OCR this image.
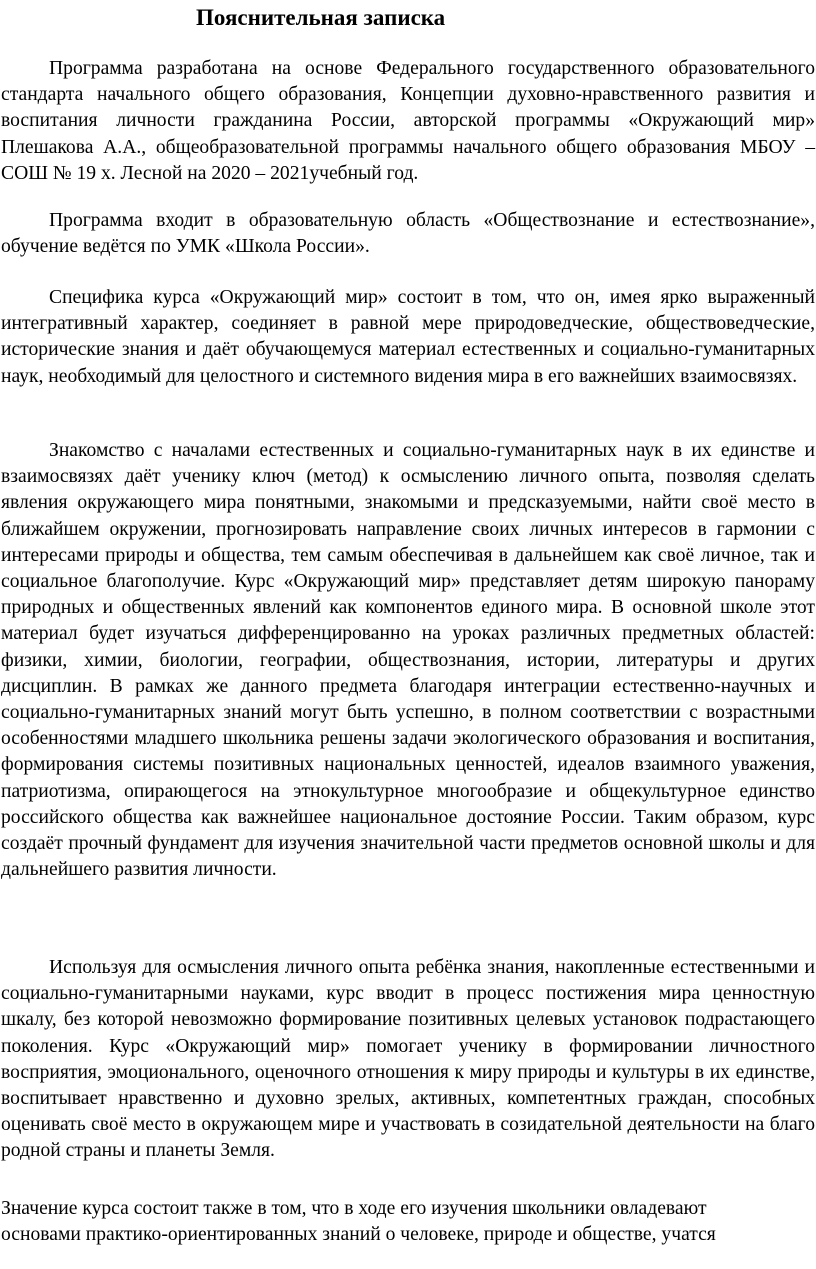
Пояснительная записка

Программа разработана на основе Федерального государственного образовательного стандарта начального общего образования, Концепции духовно-нравственного развития и воспитания личности гражданина России, авторской программы «Окружающий мир» Плешакова А.А., общеобразовательной программы начального общего образования МБОУ – СОШ № 19 х. Лесной на 2020 – 2021учебный год.

Программа входит в образовательную область «Обществознание и естествознание», обучение ведётся по УМК «Школа России».

Специфика курса «Окружающий мир» состоит в том, что он, имея ярко выраженный интегративный характер, соединяет в равной мере природоведческие, обществоведческие, исторические знания и даёт обучающемуся материал естественных и социально-гуманитарных наук, необходимый для целостного и системного видения мира в его важнейших взаимосвязях.

Знакомство с началами естественных и социально-гуманитарных наук в их единстве и взаимосвязях даёт ученику ключ (метод) к осмыслению личного опыта, позволяя сделать явления окружающего мира понятными, знакомыми и предсказуемыми, найти своё место в ближайшем окружении, прогнозировать направление своих личных интересов в гармонии с интересами природы и общества, тем самым обеспечивая в дальнейшем как своё личное, так и социальное благополучие. Курс «Окружающий мир» представляет детям широкую панораму природных и общественных явлений как компонентов единого мира. В основной школе этот материал будет изучаться дифференцированно на уроках различных предметных областей: физики, химии, биологии, географии, обществознания, истории, литературы и других дисциплин. В рамках же данного предмета благодаря интеграции естественно-научных и социально-гуманитарных знаний могут быть успешно, в полном соответствии с возрастными особенностями младшего школьника решены задачи экологического образования и воспитания, формирования системы позитивных национальных ценностей, идеалов взаимного уважения, патриотизма, опирающегося на этнокультурное многообразие и общекультурное единство российского общества как важнейшее национальное достояние России. Таким образом, курс создаёт прочный фундамент для изучения значительной части предметов основной школы и для дальнейшего развития личности.

Используя для осмысления личного опыта ребёнка знания, накопленные естественными и социально-гуманитарными науками, курс вводит в процесс постижения мира ценностную шкалу, без которой невозможно формирование позитивных целевых установок подрастающего поколения. Курс «Окружающий мир» помогает ученику в формировании личностного восприятия, эмоционального, оценочного отношения к миру природы и культуры в их единстве, воспитывает нравственно и духовно зрелых, активных, компетентных граждан, способных оценивать своё место в окружающем мире и участвовать в созидательной деятельности на благо родной страны и планеты Земля.

Значение курса состоит также в том, что в ходе его изучения школьники овладевают

основами практико-ориентированных знаний о человеке, природе и обществе, учатся
